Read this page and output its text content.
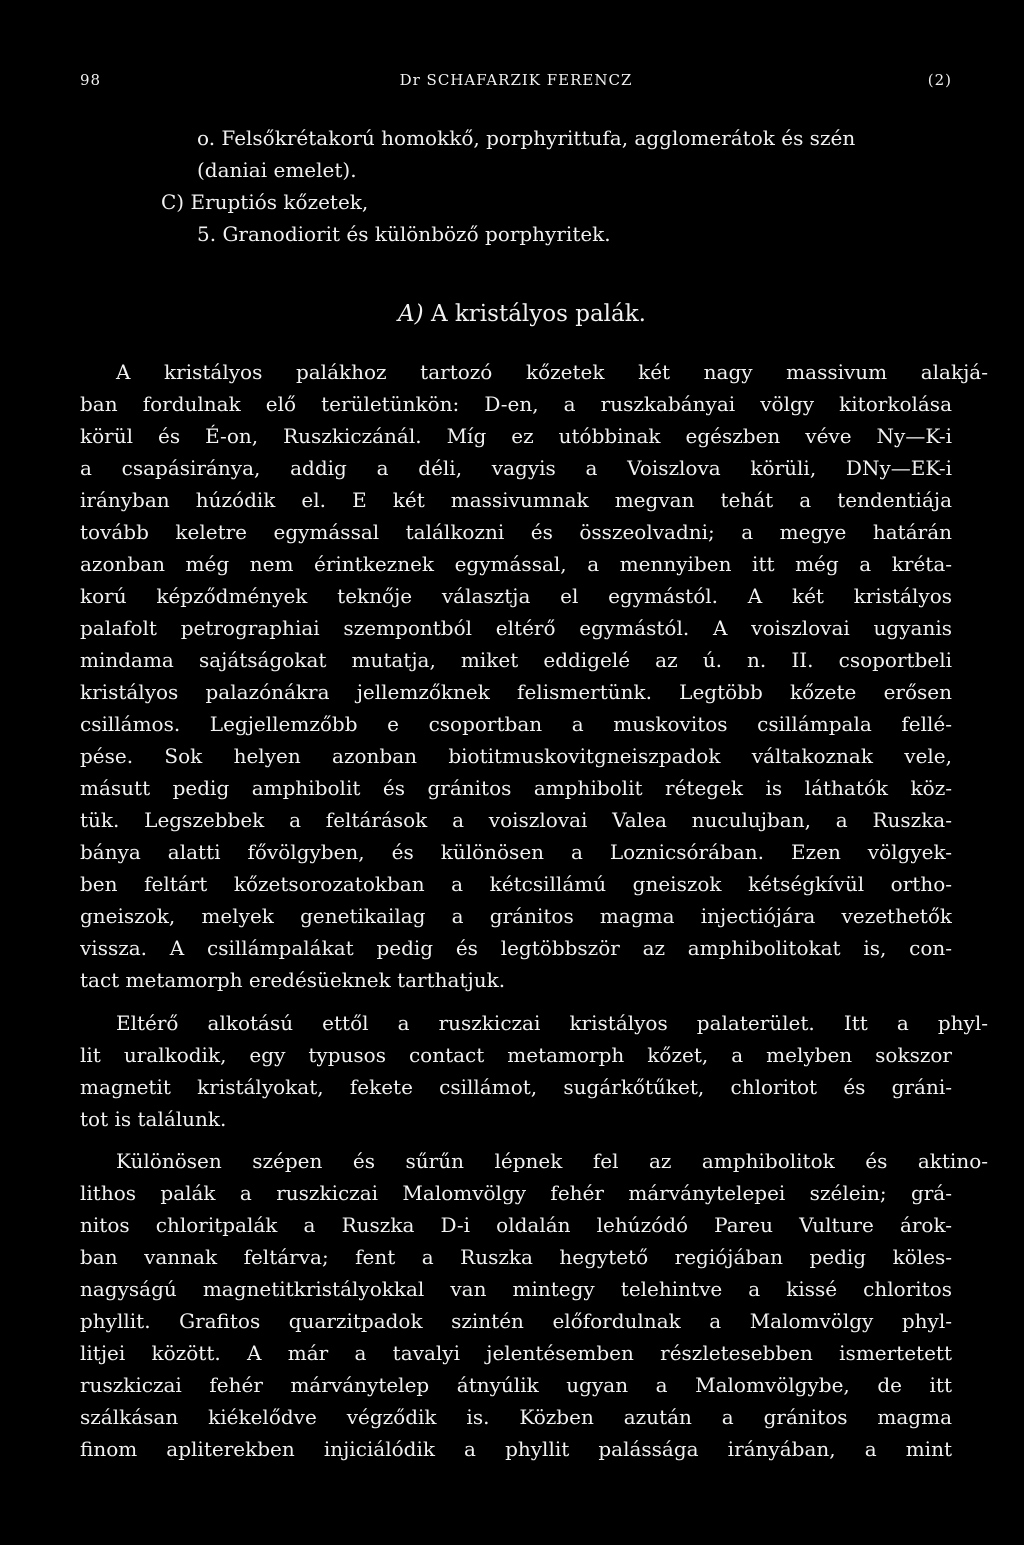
98	Dr SCHAFARZIK FERENCZ	(2)
o. Felsőkrétakorú homokkő, porphyrittufa, agglomerátok és szén
(daniai emelet).
C) Eruptiós kőzetek,
5. Granodiorit és különböző porphyritek.
A) A kristályos palák.
A kristályos palákhoz tartozó kőzetek két nagy massivum alakjá-
ban fordulnak elő területünkön: D-en, a ruszkabányai völgy kitorkolása
körül és É-on, Ruszkiczánál. Míg ez utóbbinak egészben véve Ny—K-i
a csapásiránya, addig a déli, vagyis a Voiszlova körüli, DNy—EK-i
irányban húzódik el. E két massivumnak megvan tehát a tendentiája
tovább keletre egymással találkozni és összeolvadni; a megye határán
azonban még nem érintkeznek egymással, a mennyiben itt még a kréta-
korú képződmények teknője választja el egymástól. A két kristályos
palafolt petrographiai szempontból eltérő egymástól. A voiszlovai ugyanis
mindama sajátságokat mutatja, miket eddigelé az ú. n. II. csoportbeli
kristályos palazónákra jellemzőknek felismertünk. Legtöbb kőzete erősen
csillámos. Legjellemzőbb e csoportban a muskovitos csillámpala fellé-
pése. Sok helyen azonban biotitmuskovitgneiszpadok váltakoznak vele,
másutt pedig amphibolit és gránitos amphibolit rétegek is láthatók köz-
tük. Legszebbek a feltárások a voiszlovai Valea nuculujban, a Ruszka-
bánya alatti fővölgyben, és különösen a Loznicsórában. Ezen völgyek-
ben feltárt kőzetsorozatokban a kétcsillámú gneiszok kétségkívül ortho-
gneiszok, melyek genetikailag a gránitos magma injectiójára vezethetők
vissza. A csillámpalákat pedig és legtöbbször az amphibolitokat is, con-
tact metamorph eredésüeknek tarthatjuk.
Eltérő alkotású ettől a ruszkiczai kristályos palaterület. Itt a phyl-
lit uralkodik, egy typusos contact metamorph kőzet, a melyben sokszor
magnetit kristályokat, fekete csillámot, sugárkőtűket, chloritot és gráni-
tot is találunk.
Különösen szépen és sűrűn lépnek fel az amphibolitok és aktino-
lithos palák a ruszkiczai Malomvölgy fehér márványtelepei szélein; grá-
nitos chloritpalák a Ruszka D-i oldalán lehúzódó Pareu Vulture árok-
ban vannak feltárva; fent a Ruszka hegytető regiójában pedig köles-
nagyságú magnetitkristályokkal van mintegy telehintve a kissé chloritos
phyllit. Grafitos quarzitpadok szintén előfordulnak a Malomvölgy phyl-
litjei között. A már a tavalyi jelentésemben részletesebben ismertetett
ruszkiczai fehér márványtelep átnyúlik ugyan a Malomvölgybe, de itt
szálkásan kiékelődve végződik is. Közben azután a gránitos magma
finom apliterekben injiciálódik a phyllit palássága irányában, a mint
